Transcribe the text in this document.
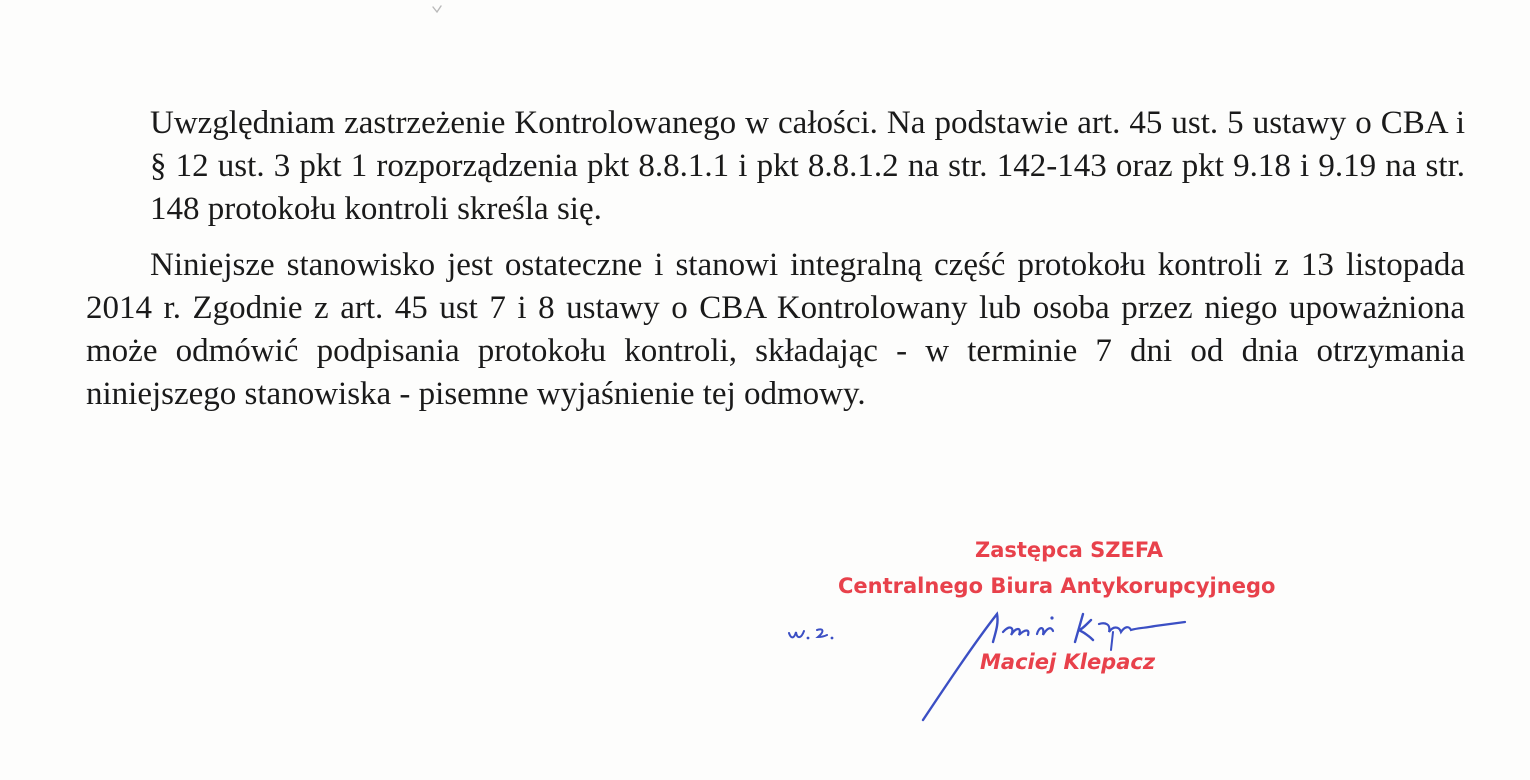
Uwzględniam zastrzeżenie Kontrolowanego w całości. Na podstawie art. 45 ust. 5 ustawy o CBA i § 12 ust. 3 pkt 1 rozporządzenia pkt 8.8.1.1 i pkt 8.8.1.2 na str. 142-143 oraz pkt 9.18 i 9.19 na str. 148 protokołu kontroli skreśla się.

Niniejsze stanowisko jest ostateczne i stanowi integralną część protokołu kontroli z 13 listopada 2014 r. Zgodnie z art. 45 ust 7 i 8 ustawy o CBA Kontrolowany lub osoba przez niego upoważniona może odmówić podpisania protokołu kontroli, składając - w terminie 7 dni od dnia otrzymania niniejszego stanowiska - pisemne wyjaśnienie tej odmowy.

Zastępca SZEFA
Centralnego Biura Antykorupcyjnego
Maciej Klepacz
